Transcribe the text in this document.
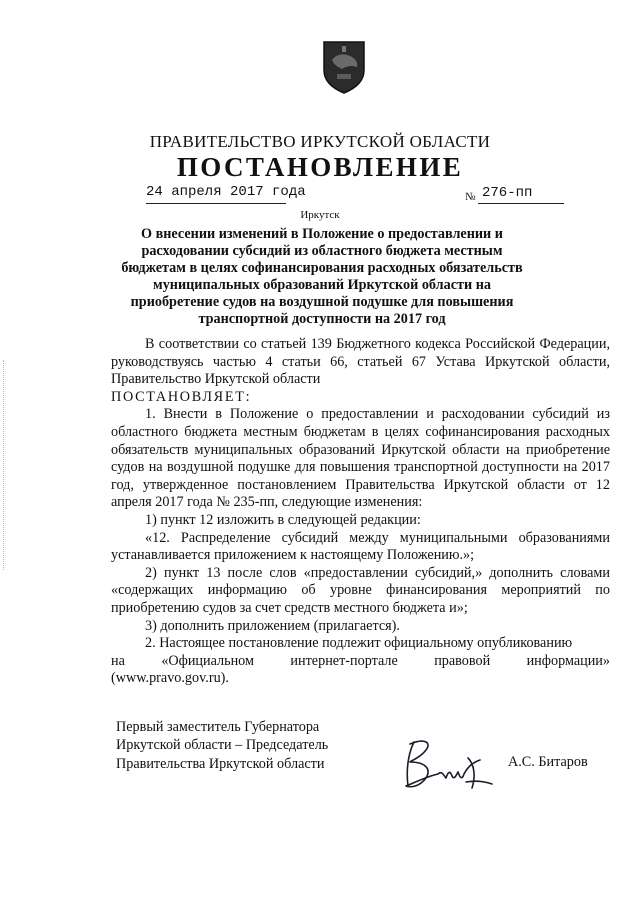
ПРАВИТЕЛЬСТВО ИРКУТСКОЙ ОБЛАСТИ
ПОСТАНОВЛЕНИЕ
24 апреля 2017 года	№ 276-пп
Иркутск
О внесении изменений в Положение о предоставлении и расходовании субсидий из областного бюджета местным бюджетам в целях софинансирования расходных обязательств муниципальных образований Иркутской области на приобретение судов на воздушной подушке для повышения транспортной доступности на 2017 год

В соответствии со статьей 139 Бюджетного кодекса Российской Федерации, руководствуясь частью 4 статьи 66, статьей 67 Устава Иркутской области, Правительство Иркутской области

ПОСТАНОВЛЯЕТ:

1. Внести в Положение о предоставлении и расходовании субсидий из областного бюджета местным бюджетам в целях софинансирования расходных обязательств муниципальных образований Иркутской области на приобретение судов на воздушной подушке для повышения транспортной доступности на 2017 год, утвержденное постановлением Правительства Иркутской области от 12 апреля 2017 года № 235-пп, следующие изменения:

1) пункт 12 изложить в следующей редакции:

«12. Распределение субсидий между муниципальными образованиями устанавливается приложением к настоящему Положению.»;

2) пункт 13 после слов «предоставлении субсидий,» дополнить словами «содержащих информацию об уровне финансирования мероприятий по приобретению судов за счет средств местного бюджета и»;

3) дополнить приложением (прилагается).

2. Настоящее постановление подлежит официальному опубликованию

на	«Официальном	интернет-портале	правовой	информации»

(www.pravo.gov.ru).

Первый заместитель Губернатора
Иркутской области – Председатель
Правительства Иркутской области	А.С. Битаров
